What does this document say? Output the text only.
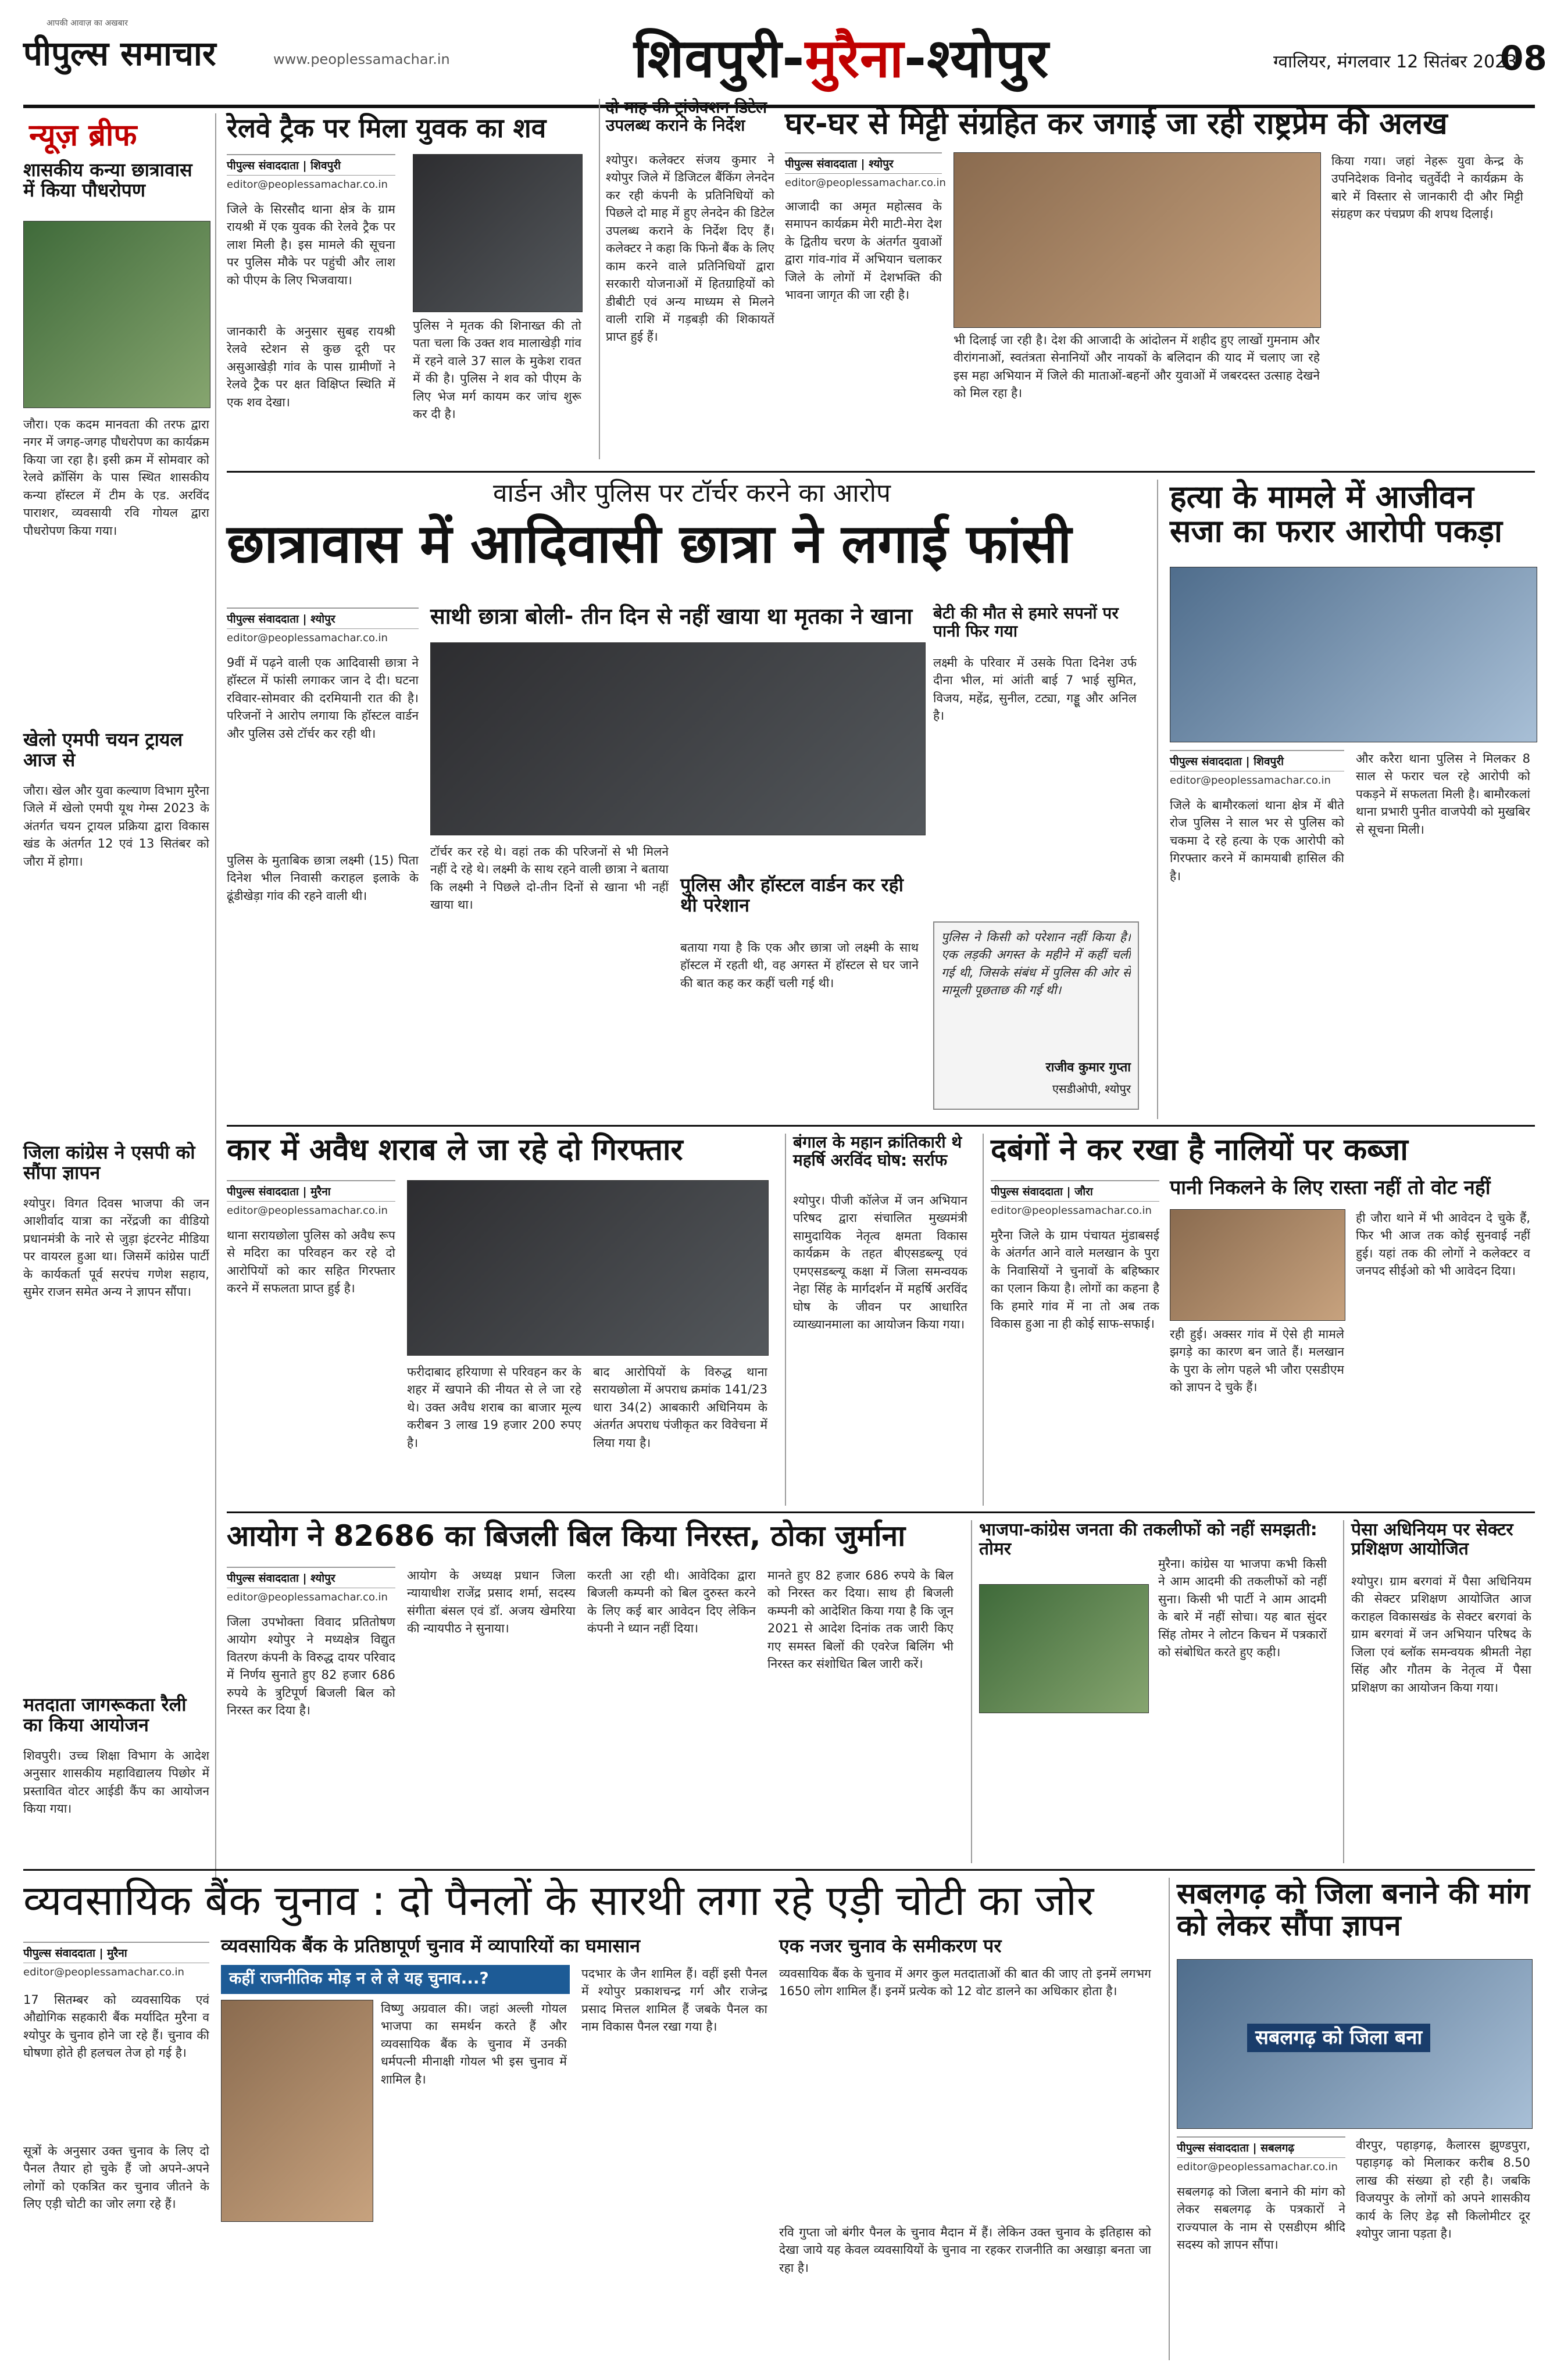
आपकी आवाज़ का अखबार
पीपुल्स समाचार	www.peoplessamachar.in	शिवपुरी-मुरैना-श्योपुर	ग्वालियर, मंगलवार 12 सितंबर 2023
08
न्यूज़ ब्रीफ
शासकीय कन्या छात्रावास में किया पौधरोपण
जौरा। एक कदम मानवता की तरफ द्वारा नगर में जगह-जगह पौधरोपण का कार्यक्रम किया जा रहा है। इसी क्रम में सोमवार को रेलवे क्रॉसिंग के पास स्थित शासकीय कन्या हॉस्टल में टीम के एड. अरविंद पाराशर, व्यवसायी रवि गोयल द्वारा पौधरोपण किया गया।
खेलो एमपी चयन ट्रायल आज से
जौरा। खेल और युवा कल्याण विभाग मुरैना जिले में खेलो एमपी यूथ गेम्स 2023 के अंतर्गत चयन ट्रायल प्रक्रिया द्वारा विकास खंड के अंतर्गत 12 एवं 13 सितंबर को जौरा में होगा।
जिला कांग्रेस ने एसपी को सौंपा ज्ञापन
श्योपुर। विगत दिवस भाजपा की जन आशीर्वाद यात्रा का नरेंद्रजी का वीडियो प्रधानमंत्री के नारे से जुड़ा इंटरनेट मीडिया पर वायरल हुआ था। जिसमें कांग्रेस पार्टी के कार्यकर्ता पूर्व सरपंच गणेश सहाय, सुमेर राजन समेत अन्य ने ज्ञापन सौंपा।
मतदाता जागरूकता रैली का किया आयोजन
शिवपुरी। उच्च शिक्षा विभाग के आदेश अनुसार शासकीय महाविद्यालय पिछोर में प्रस्तावित वोटर आईडी कैंप का आयोजन किया गया।
रेलवे ट्रैक पर मिला युवक का शव
पीपुल्स संवाददाता | शिवपुरी
editor@peoplessamachar.co.in
जिले के सिरसौद थाना क्षेत्र के ग्राम रायश्री में एक युवक की रेलवे ट्रैक पर लाश मिली है। इस मामले की सूचना पर पुलिस मौके पर पहुंची और लाश को पीएम के लिए भिजवाया।
जानकारी के अनुसार सुबह रायश्री रेलवे स्टेशन से कुछ दूरी पर असुआखेड़ी गांव के पास ग्रामीणों ने रेलवे ट्रैक पर क्षत विक्षिप्त स्थिति में एक शव देखा।
पुलिस ने मृतक की शिनाख्त की तो पता चला कि उक्त शव मालाखेड़ी गांव में रहने वाले 37 साल के मुकेश रावत में की है। पुलिस ने शव को पीएम के लिए भेज मर्ग कायम कर जांच शुरू कर दी है।
दो माह की ट्रांजेक्शन डिटेल उपलब्ध कराने के निर्देश
श्योपुर। कलेक्टर संजय कुमार ने श्योपुर जिले में डिजिटल बैंकिंग लेनदेन कर रही कंपनी के प्रतिनिधियों को पिछले दो माह में हुए लेनदेन की डिटेल उपलब्ध कराने के निर्देश दिए हैं। कलेक्टर ने कहा कि फिनो बैंक के लिए काम करने वाले प्रतिनिधियों द्वारा सरकारी योजनाओं में हितग्राहियों को डीबीटी एवं अन्य माध्यम से मिलने वाली राशि में गड़बड़ी की शिकायतें प्राप्त हुई हैं।
घर-घर से मिट्टी संग्रहित कर जगाई जा रही राष्ट्रप्रेम की अलख
पीपुल्स संवाददाता | श्योपुर
editor@peoplessamachar.co.in
आजादी का अमृत महोत्सव के समापन कार्यक्रम मेरी माटी-मेरा देश के द्वितीय चरण के अंतर्गत युवाओं द्वारा गांव-गांव में अभियान चलाकर जिले के लोगों में देशभक्ति की भावना जागृत की जा रही है।
भी दिलाई जा रही है। देश की आजादी के आंदोलन में शहीद हुए लाखों गुमनाम और वीरांगनाओं, स्वतंत्रता सेनानियों और नायकों के बलिदान की याद में चलाए जा रहे इस महा अभियान में जिले की माताओं-बहनों और युवाओं में जबरदस्त उत्साह देखने को मिल रहा है।
किया गया। जहां नेहरू युवा केन्द्र के उपनिदेशक विनोद चतुर्वेदी ने कार्यक्रम के बारे में विस्तार से जानकारी दी और मिट्टी संग्रहण कर पंचप्रण की शपथ दिलाई।
वार्डन और पुलिस पर टॉर्चर करने का आरोप
छात्रावास में आदिवासी छात्रा ने लगाई फांसी
पीपुल्स संवाददाता | श्योपुर
editor@peoplessamachar.co.in
9वीं में पढ़ने वाली एक आदिवासी छात्रा ने हॉस्टल में फांसी लगाकर जान दे दी। घटना रविवार-सोमवार की दरमियानी रात की है। परिजनों ने आरोप लगाया कि हॉस्टल वार्डन और पुलिस उसे टॉर्चर कर रही थी।
पुलिस के मुताबिक छात्रा लक्ष्मी (15) पिता दिनेश भील निवासी कराहल इलाके के ढूंडीखेड़ा गांव की रहने वाली थी।
साथी छात्रा बोली- तीन दिन से नहीं खाया था मृतका ने खाना
टॉर्चर कर रहे थे। वहां तक की परिजनों से भी मिलने नहीं दे रहे थे। लक्ष्मी के साथ रहने वाली छात्रा ने बताया कि लक्ष्मी ने पिछले दो-तीन दिनों से खाना भी नहीं खाया था।
पुलिस और हॉस्टल वार्डन कर रही थी परेशान
बताया गया है कि एक और छात्रा जो लक्ष्मी के साथ हॉस्टल में रहती थी, वह अगस्त में हॉस्टल से घर जाने की बात कह कर कहीं चली गई थी।
बेटी की मौत से हमारे सपनों पर पानी फिर गया
लक्ष्मी के परिवार में उसके पिता दिनेश उर्फ दीना भील, मां आंती बाई 7 भाई सुमित, विजय, महेंद्र, सुनील, टट्या, गड्डू और अनिल है।
पुलिस ने किसी को परेशान नहीं किया है। एक लड़की अगस्त के महीने में कहीं चली गई थी, जिसके संबंध में पुलिस की ओर से मामूली पूछताछ की गई थी।
राजीव कुमार गुप्ता
एसडीओपी, श्योपुर
हत्या के मामले में आजीवन सजा का फरार आरोपी पकड़ा
पीपुल्स संवाददाता | शिवपुरी
editor@peoplessamachar.co.in
जिले के बामौरकलां थाना क्षेत्र में बीते रोज पुलिस ने साल भर से पुलिस को चकमा दे रहे हत्या के एक आरोपी को गिरफ्तार करने में कामयाबी हासिल की है।
और करैरा थाना पुलिस ने मिलकर 8 साल से फरार चल रहे आरोपी को पकड़ने में सफलता मिली है। बामौरकलां थाना प्रभारी पुनीत वाजपेयी को मुखबिर से सूचना मिली।
कार में अवैध शराब ले जा रहे दो गिरफ्तार
पीपुल्स संवाददाता | मुरैना
editor@peoplessamachar.co.in
थाना सरायछोला पुलिस को अवैध रूप से मदिरा का परिवहन कर रहे दो आरोपियों को कार सहित गिरफ्तार करने में सफलता प्राप्त हुई है।
फरीदाबाद हरियाणा से परिवहन कर के शहर में खपाने की नीयत से ले जा रहे थे। उक्त अवैध शराब का बाजार मूल्य करीबन 3 लाख 19 हजार 200 रुपए है।
बाद आरोपियों के विरुद्ध थाना सरायछोला में अपराध क्रमांक 141/23 धारा 34(2) आबकारी अधिनियम के अंतर्गत अपराध पंजीकृत कर विवेचना में लिया गया है।
बंगाल के महान क्रांतिकारी थे महर्षि अरविंद घोष: सर्राफ
श्योपुर। पीजी कॉलेज में जन अभियान परिषद द्वारा संचालित मुख्यमंत्री सामुदायिक नेतृत्व क्षमता विकास कार्यक्रम के तहत बीएसडब्ल्यू एवं एमएसडब्ल्यू कक्षा में जिला समन्वयक नेहा सिंह के मार्गदर्शन में महर्षि अरविंद घोष के जीवन पर आधारित व्याख्यानमाला का आयोजन किया गया।
दबंगों ने कर रखा है नालियों पर कब्जा
पीपुल्स संवाददाता | जौरा
editor@peoplessamachar.co.in
मुरैना जिले के ग्राम पंचायत मुंडाबसई के अंतर्गत आने वाले मलखान के पुरा के निवासियों ने चुनावों के बहिष्कार का एलान किया है। लोगों का कहना है कि हमारे गांव में ना तो अब तक विकास हुआ ना ही कोई साफ-सफाई।
पानी निकलने के लिए रास्ता नहीं तो वोट नहीं
रही हुई। अक्सर गांव में ऐसे ही मामले झगड़े का कारण बन जाते हैं। मलखान के पुरा के लोग पहले भी जौरा एसडीएम को ज्ञापन दे चुके हैं।
ही जौरा थाने में भी आवेदन दे चुके हैं, फिर भी आज तक कोई सुनवाई नहीं हुई। यहां तक की लोगों ने कलेक्टर व जनपद सीईओ को भी आवेदन दिया।
आयोग ने 82686 का बिजली बिल किया निरस्त, ठोका जुर्माना
पीपुल्स संवाददाता | श्योपुर
editor@peoplessamachar.co.in
जिला उपभोक्ता विवाद प्रतितोषण आयोग श्योपुर ने मध्यक्षेत्र विद्युत वितरण कंपनी के विरुद्ध दायर परिवाद में निर्णय सुनाते हुए 82 हजार 686 रुपये के त्रुटिपूर्ण बिजली बिल को निरस्त कर दिया है।
आयोग के अध्यक्ष प्रधान जिला न्यायाधीश राजेंद्र प्रसाद शर्मा, सदस्य संगीता बंसल एवं डॉ. अजय खेमरिया की न्यायपीठ ने सुनाया।
करती आ रही थी। आवेदिका द्वारा बिजली कम्पनी को बिल दुरुस्त करने के लिए कई बार आवेदन दिए लेकिन कंपनी ने ध्यान नहीं दिया।
मानते हुए 82 हजार 686 रुपये के बिल को निरस्त कर दिया। साथ ही बिजली कम्पनी को आदेशित किया गया है कि जून 2021 से आदेश दिनांक तक जारी किए गए समस्त बिलों की एवरेज बिलिंग भी निरस्त कर संशोधित बिल जारी करें।
भाजपा-कांग्रेस जनता की तकलीफों को नहीं समझती: तोमर
मुरैना। कांग्रेस या भाजपा कभी किसी ने आम आदमी की तकलीफों को नहीं सुना। किसी भी पार्टी ने आम आदमी के बारे में नहीं सोचा। यह बात सुंदर सिंह तोमर ने लोटन किचन में पत्रकारों को संबोधित करते हुए कही।
पेसा अधिनियम पर सेक्टर प्रशिक्षण आयोजित
श्योपुर। ग्राम बरगवां में पैसा अधिनियम की सेक्टर प्रशिक्षण आयोजित आज कराहल विकासखंड के सेक्टर बरगवां के ग्राम बरगवां में जन अभियान परिषद के जिला एवं ब्लॉक समन्वयक श्रीमती नेहा सिंह और गौतम के नेतृत्व में पैसा प्रशिक्षण का आयोजन किया गया।
व्यवसायिक बैंक चुनाव : दो पैनलों के सारथी लगा रहे एड़ी चोटी का जोर
पीपुल्स संवाददाता | मुरैना
editor@peoplessamachar.co.in
17 सितम्बर को व्यवसायिक एवं औद्योगिक सहकारी बैंक मर्यादित मुरैना व श्योपुर के चुनाव होने जा रहे हैं। चुनाव की घोषणा होते ही हलचल तेज हो गई है।
सूत्रों के अनुसार उक्त चुनाव के लिए दो पैनल तैयार हो चुके हैं जो अपने-अपने लोगों को एकत्रित कर चुनाव जीतने के लिए एड़ी चोटी का जोर लगा रहे हैं।
व्यवसायिक बैंक के प्रतिष्ठापूर्ण चुनाव में व्यापारियों का घमासान
कहीं राजनीतिक मोड़ न ले ले यह चुनाव...?
विष्णु अग्रवाल की। जहां अल्ली गोयल भाजपा का समर्थन करते हैं और व्यवसायिक बैंक के चुनाव में उनकी धर्मपत्नी मीनाक्षी गोयल भी इस चुनाव में शामिल है।
पदभार के जैन शामिल हैं। वहीं इसी पैनल में श्योपुर प्रकाशचन्द्र गर्ग और राजेन्द्र प्रसाद मित्तल शामिल हैं जबके पैनल का नाम विकास पैनल रखा गया है।
एक नजर चुनाव के समीकरण पर
व्यवसायिक बैंक के चुनाव में अगर कुल मतदाताओं की बात की जाए तो इनमें लगभग 1650 लोग शामिल हैं। इनमें प्रत्येक को 12 वोट डालने का अधिकार होता है।
रवि गुप्ता जो बंगीर पैनल के चुनाव मैदान में हैं। लेकिन उक्त चुनाव के इतिहास को देखा जाये यह केवल व्यवसायियों के चुनाव ना रहकर राजनीति का अखाड़ा बनता जा रहा है।
सबलगढ़ को जिला बनाने की मांग को लेकर सौंपा ज्ञापन
सबलगढ़ को जिला बना
पीपुल्स संवाददाता | सबलगढ़
editor@peoplessamachar.co.in
सबलगढ़ को जिला बनाने की मांग को लेकर सबलगढ़ के पत्रकारों ने राज्यपाल के नाम से एसडीएम श्रीदि सदस्य को ज्ञापन सौंपा।
वीरपुर, पहाड़गढ़, कैलारस झुण्डपुरा, पहाड़गढ़ को मिलाकर करीब 8.50 लाख की संख्या हो रही है। जबकि विजयपुर के लोगों को अपने शासकीय कार्य के लिए डेढ़ सौ किलोमीटर दूर श्योपुर जाना पड़ता है।
